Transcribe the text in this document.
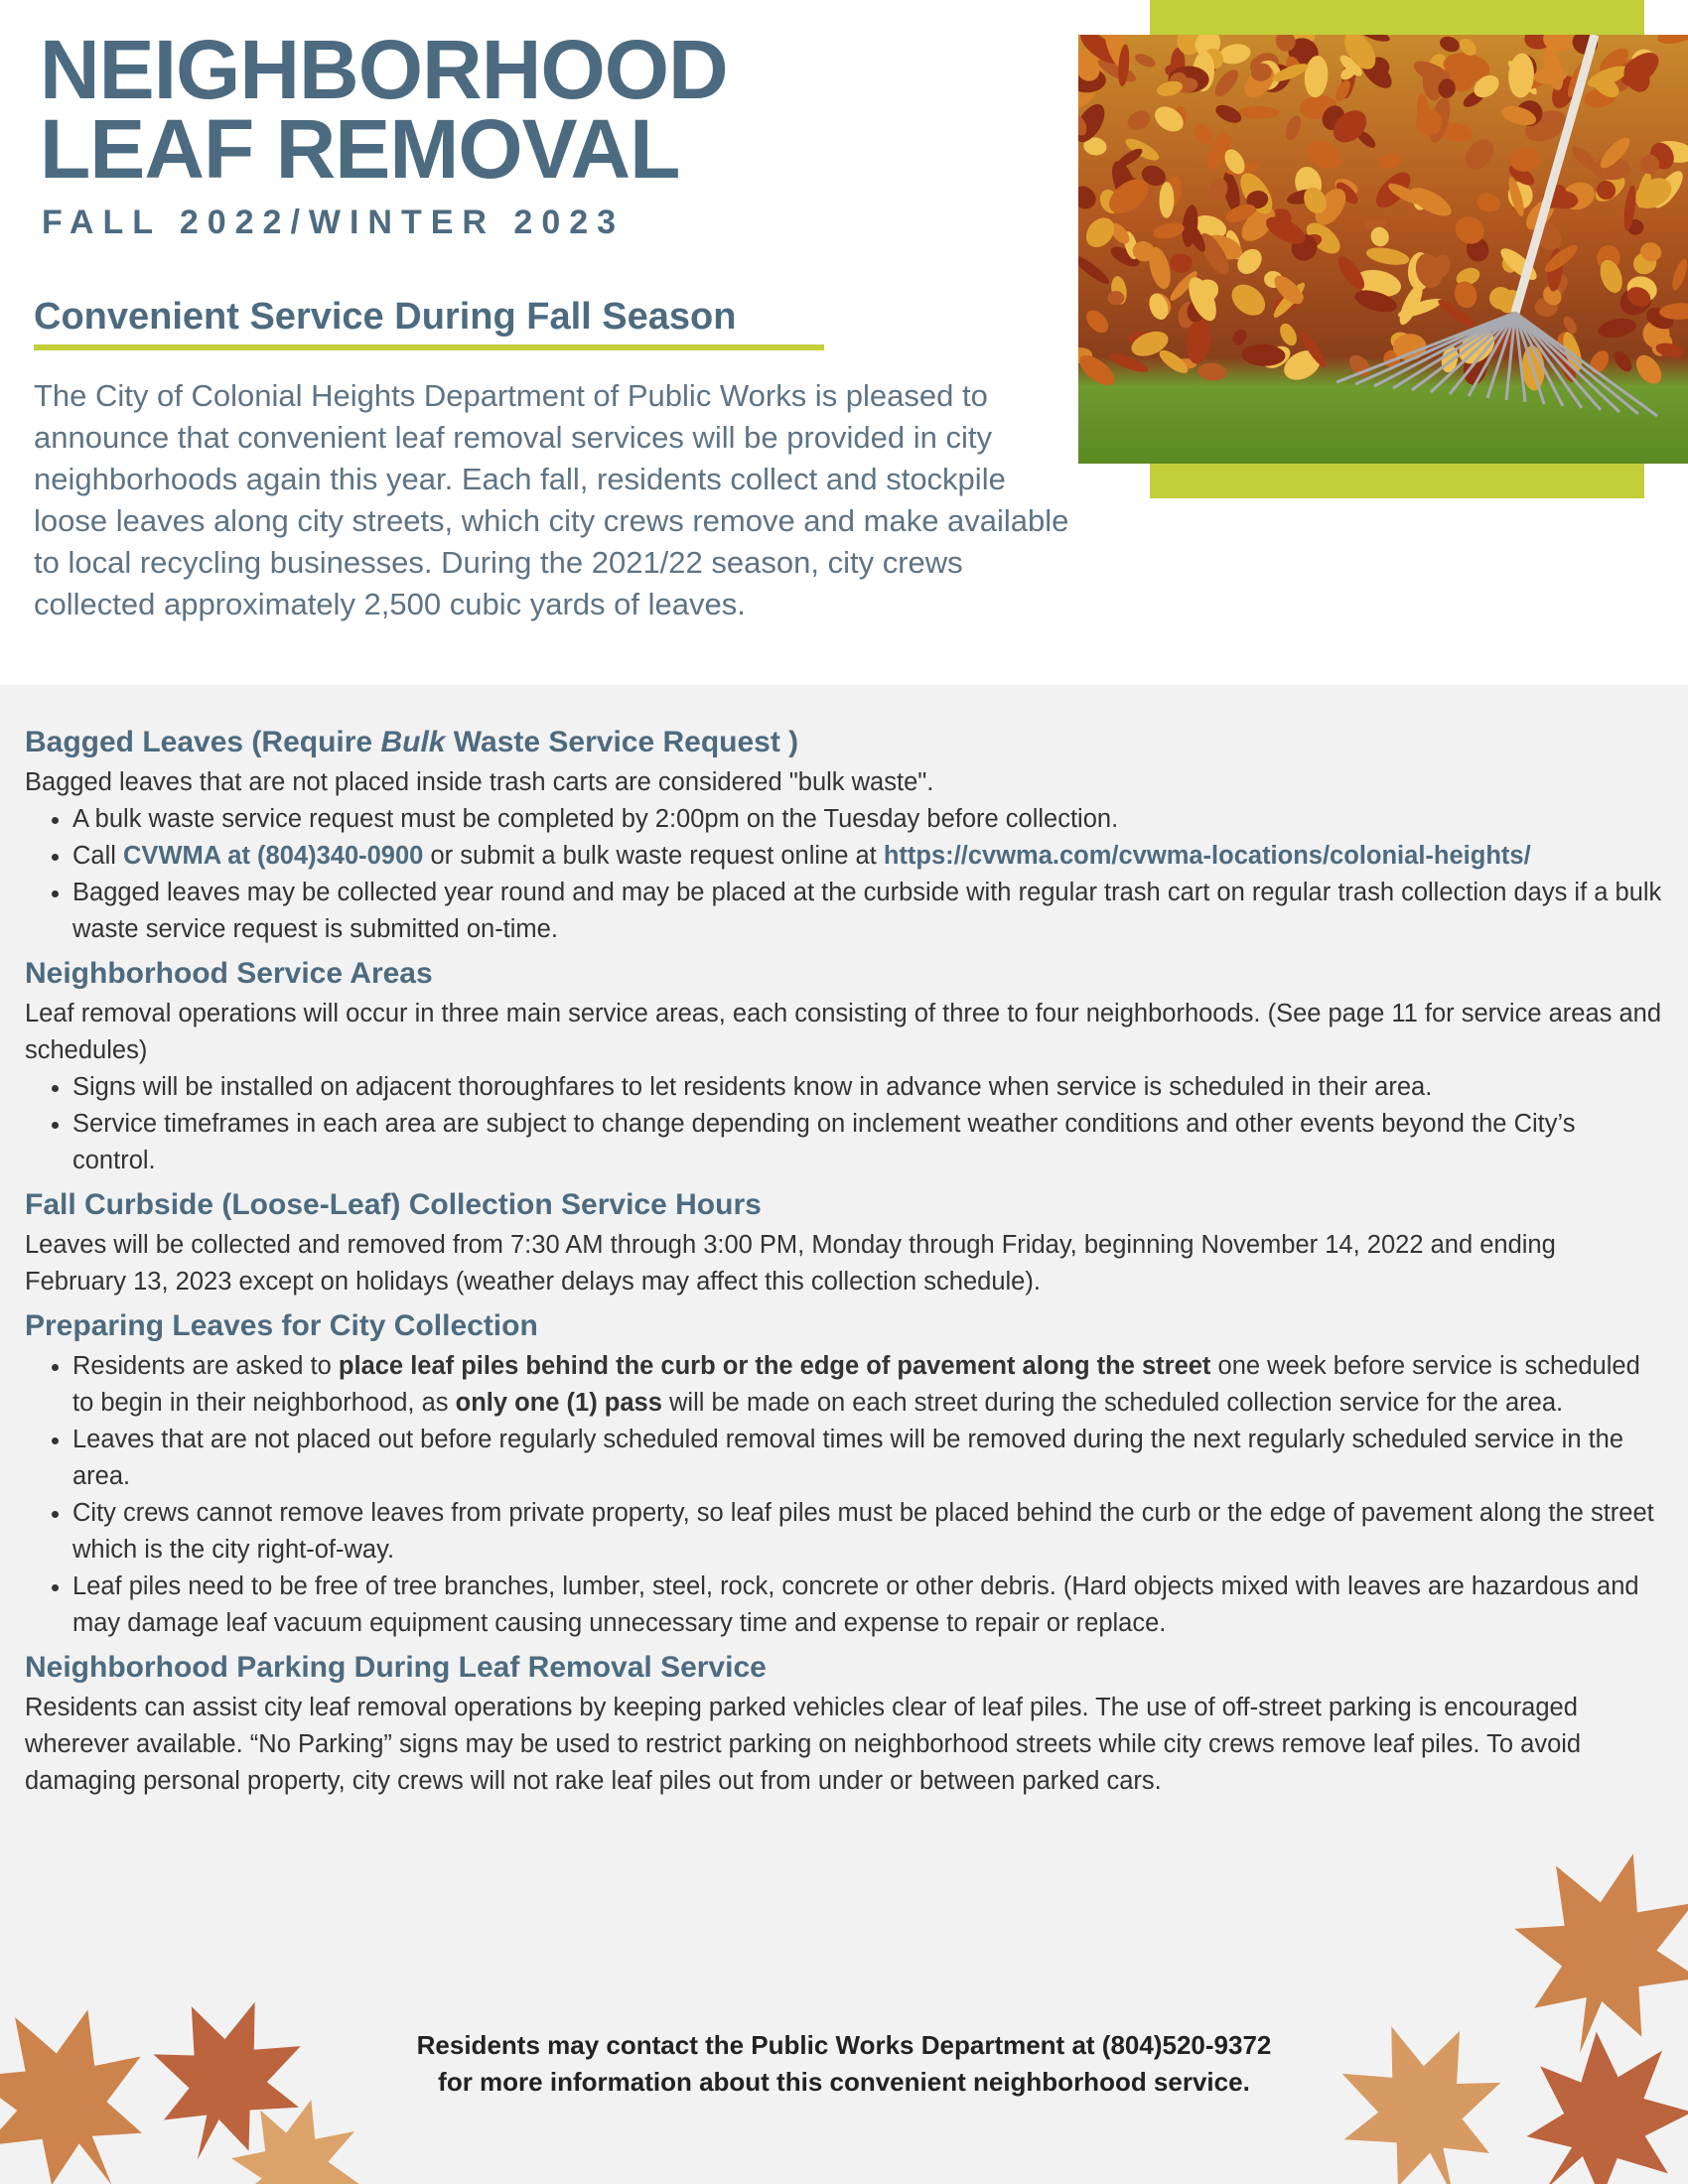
NEIGHBORHOOD
LEAF REMOVAL
FALL 2022/WINTER 2023
Convenient Service During Fall Season
The City of Colonial Heights Department of Public Works is pleased to announce that convenient leaf removal services will be provided in city neighborhoods again this year. Each fall, residents collect and stockpile loose leaves along city streets, which city crews remove and make available to local recycling businesses. During the 2021/22 season, city crews collected approximately 2,500 cubic yards of leaves.
Bagged Leaves (Require Bulk Waste Service Request )

Bagged leaves that are not placed inside trash carts are considered "bulk waste".

• A bulk waste service request must be completed by 2:00pm on the Tuesday before collection.
• Call CVWMA at (804)340-0900 or submit a bulk waste request online at https://cvwma.com/cvwma-locations/colonial-heights/
• Bagged leaves may be collected year round and may be placed at the curbside with regular trash cart on regular trash collection days if a bulk waste service request is submitted on-time.
Neighborhood Service Areas

Leaf removal operations will occur in three main service areas, each consisting of three to four neighborhoods. (See page 11 for service areas and schedules)

• Signs will be installed on adjacent thoroughfares to let residents know in advance when service is scheduled in their area.
• Service timeframes in each area are subject to change depending on inclement weather conditions and other events beyond the City’s control.
Fall Curbside (Loose-Leaf) Collection Service Hours

Leaves will be collected and removed from 7:30 AM through 3:00 PM, Monday through Friday, beginning November 14, 2022 and ending February 13, 2023 except on holidays (weather delays may affect this collection schedule).

Preparing Leaves for City Collection
• Residents are asked to place leaf piles behind the curb or the edge of pavement along the street one week before service is scheduled to begin in their neighborhood, as only one (1) pass will be made on each street during the scheduled collection service for the area.
• Leaves that are not placed out before regularly scheduled removal times will be removed during the next regularly scheduled service in the area.
• City crews cannot remove leaves from private property, so leaf piles must be placed behind the curb or the edge of pavement along the street which is the city right-of-way.
• Leaf piles need to be free of tree branches, lumber, steel, rock, concrete or other debris. (Hard objects mixed with leaves are hazardous and may damage leaf vacuum equipment causing unnecessary time and expense to repair or replace.
Neighborhood Parking During Leaf Removal Service

Residents can assist city leaf removal operations by keeping parked vehicles clear of leaf piles. The use of off-street parking is encouraged wherever available. “No Parking” signs may be used to restrict parking on neighborhood streets while city crews remove leaf piles. To avoid damaging personal property, city crews will not rake leaf piles out from under or between parked cars.

Residents may contact the Public Works Department at (804)520-9372
for more information about this convenient neighborhood service.
